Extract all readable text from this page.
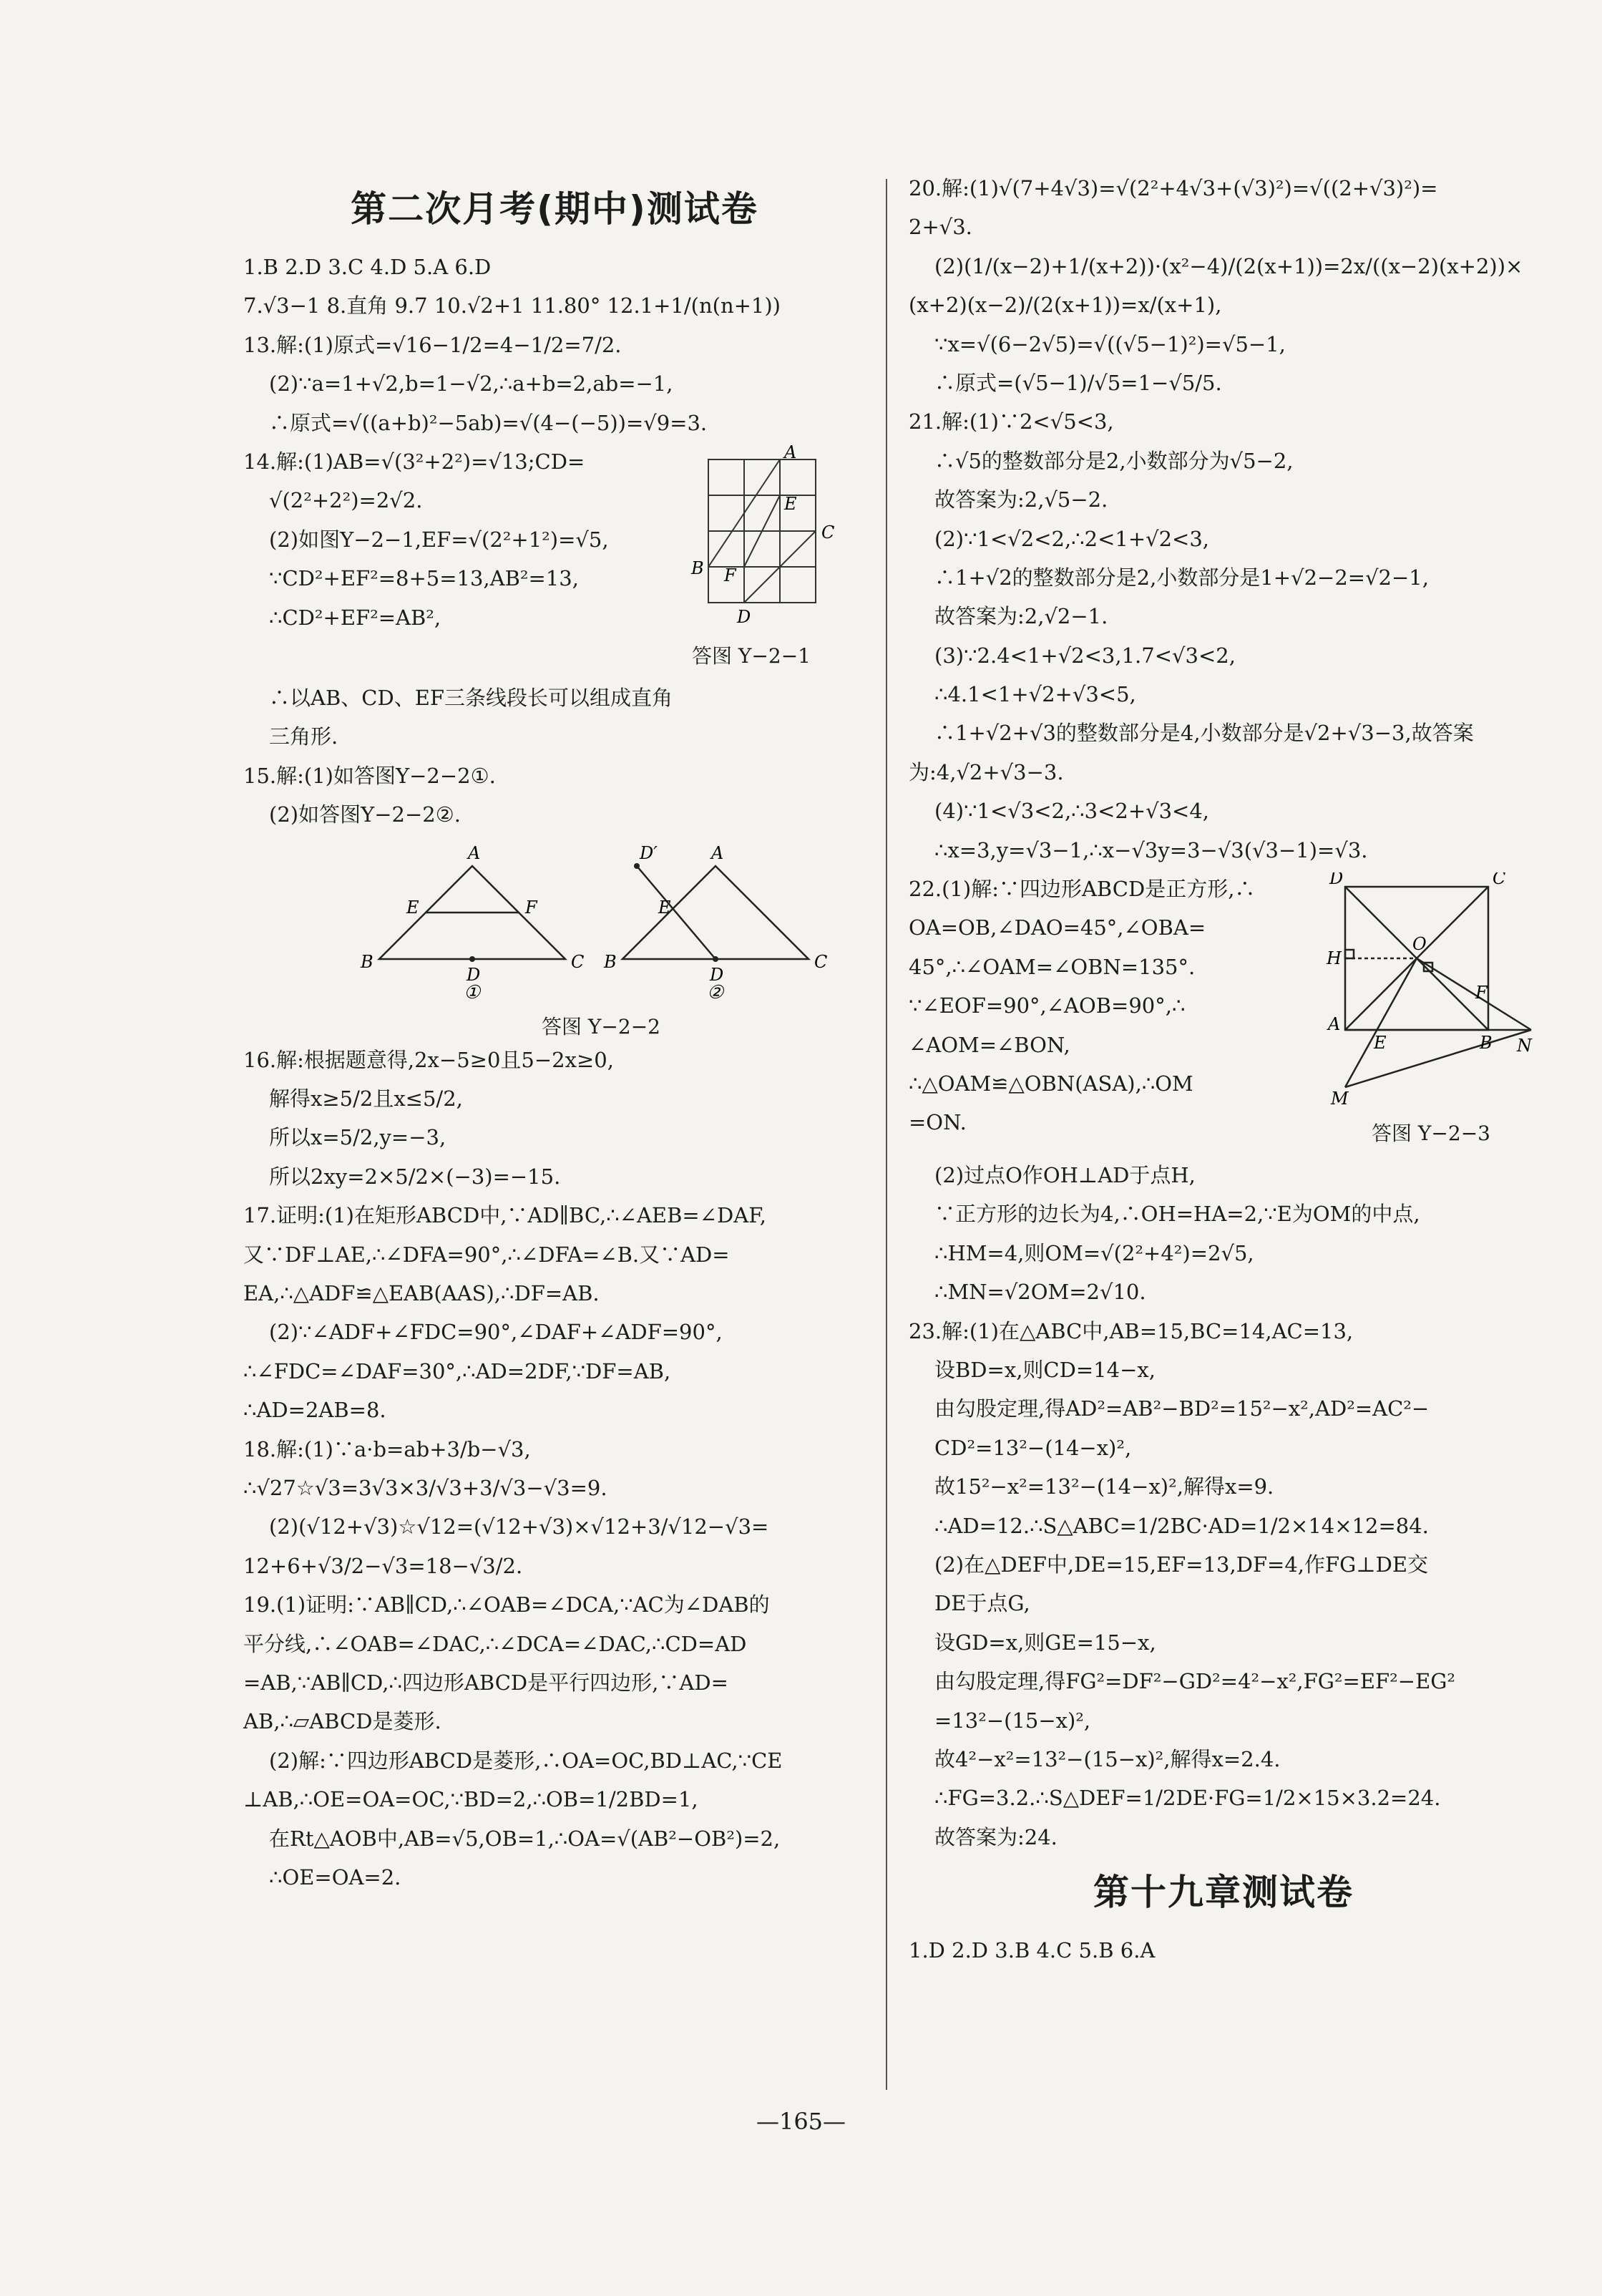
第二次月考(期中)测试卷
1.B 2.D 3.C 4.D 5.A 6.D
7.√3−1 8.直角 9.7 10.√2+1 11.80° 12.1+1/(n(n+1))
13.解:(1)原式=√16−1/2=4−1/2=7/2.
(2)∵a=1+√2,b=1−√2,∴a+b=2,ab=−1,
∴原式=√((a+b)²−5ab)=√(4−(−5))=√9=3.
14.解:(1)AB=√(3²+2²)=√13;CD=
√(2²+2²)=2√2.
(2)如图Y−2−1,EF=√(2²+1²)=√5,
∵CD²+EF²=8+5=13,AB²=13,
∴CD²+EF²=AB²,
A
E
C
B F
D
答图 Y−2−1
∴以AB、CD、EF三条线段长可以组成直角
三角形.
15.解:(1)如答图Y−2−2①.
(2)如答图Y−2−2②.
A
E	F
B
D
C
D′	A
E
B
D
C
①	②
答图 Y−2−2
16.解:根据题意得,2x−5≥0且5−2x≥0,
解得x≥5/2且x≤5/2,
所以x=5/2,y=−3,
所以2xy=2×5/2×(−3)=−15.
17.证明:(1)在矩形ABCD中,∵AD∥BC,∴∠AEB=∠DAF,
又∵DF⊥AE,∴∠DFA=90°,∴∠DFA=∠B.又∵AD=
EA,∴△ADF≌△EAB(AAS),∴DF=AB.
(2)∵∠ADF+∠FDC=90°,∠DAF+∠ADF=90°,
∴∠FDC=∠DAF=30°,∴AD=2DF,∵DF=AB,
∴AD=2AB=8.
18.解:(1)∵a·b=ab+3/b−√3,
∴√27☆√3=3√3×3/√3+3/√3−√3=9.
(2)(√12+√3)☆√12=(√12+√3)×√12+3/√12−√3=
12+6+√3/2−√3=18−√3/2.
19.(1)证明:∵AB∥CD,∴∠OAB=∠DCA,∵AC为∠DAB的
平分线,∴∠OAB=∠DAC,∴∠DCA=∠DAC,∴CD=AD
=AB,∵AB∥CD,∴四边形ABCD是平行四边形,∵AD=
AB,∴▱ABCD是菱形.
(2)解:∵四边形ABCD是菱形,∴OA=OC,BD⊥AC,∵CE
⊥AB,∴OE=OA=OC,∵BD=2,∴OB=1/2BD=1,
在Rt△AOB中,AB=√5,OB=1,∴OA=√(AB²−OB²)=2,
∴OE=OA=2.
20.解:(1)√(7+4√3)=√(2²+4√3+(√3)²)=√((2+√3)²)=
2+√3.
(2)(1/(x−2)+1/(x+2))·(x²−4)/(2(x+1))=2x/((x−2)(x+2))×
(x+2)(x−2)/(2(x+1))=x/(x+1),
∵x=√(6−2√5)=√((√5−1)²)=√5−1,
∴原式=(√5−1)/√5=1−√5/5.
21.解:(1)∵2<√5<3,
∴√5的整数部分是2,小数部分为√5−2,
故答案为:2,√5−2.
(2)∵1<√2<2,∴2<1+√2<3,
∴1+√2的整数部分是2,小数部分是1+√2−2=√2−1,
故答案为:2,√2−1.
(3)∵2.4<1+√2<3,1.7<√3<2,
∴4.1<1+√2+√3<5,
∴1+√2+√3的整数部分是4,小数部分是√2+√3−3,故答案
为:4,√2+√3−3.
(4)∵1<√3<2,∴3<2+√3<4,
∴x=3,y=√3−1,∴x−√3y=3−√3(√3−1)=√3.
22.(1)解:∵四边形ABCD是正方形,∴
OA=OB,∠DAO=45°,∠OBA=
45°,∴∠OAM=∠OBN=135°.
∵∠EOF=90°,∠AOB=90°,∴
∠AOM=∠BON,
∴△OAM≌△OBN(ASA),∴OM
=ON.
D	C
H
O
F
A
E	B N
M
答图 Y−2−3
(2)过点O作OH⊥AD于点H,
∵正方形的边长为4,∴OH=HA=2,∵E为OM的中点,
∴HM=4,则OM=√(2²+4²)=2√5,
∴MN=√2OM=2√10.
23.解:(1)在△ABC中,AB=15,BC=14,AC=13,
设BD=x,则CD=14−x,
由勾股定理,得AD²=AB²−BD²=15²−x²,AD²=AC²−
CD²=13²−(14−x)²,
故15²−x²=13²−(14−x)²,解得x=9.
∴AD=12.∴S△ABC=1/2BC·AD=1/2×14×12=84.
(2)在△DEF中,DE=15,EF=13,DF=4,作FG⊥DE交
DE于点G,
设GD=x,则GE=15−x,
由勾股定理,得FG²=DF²−GD²=4²−x²,FG²=EF²−EG²
=13²−(15−x)²,
故4²−x²=13²−(15−x)²,解得x=2.4.
∴FG=3.2.∴S△DEF=1/2DE·FG=1/2×15×3.2=24.
故答案为:24.
第十九章测试卷
1.D 2.D 3.B 4.C 5.B 6.A
—165—
